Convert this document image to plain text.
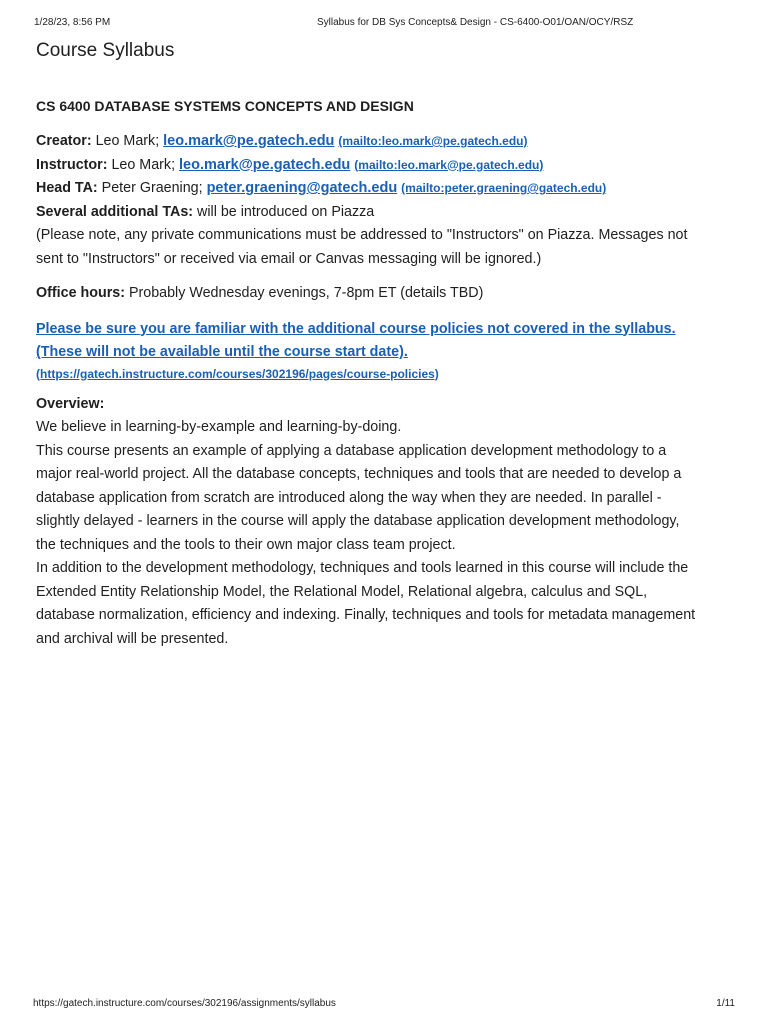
1/28/23, 8:56 PM	Syllabus for DB Sys Concepts& Design - CS-6400-O01/OAN/OCY/RSZ
Course Syllabus
CS 6400 DATABASE SYSTEMS CONCEPTS AND DESIGN
Creator: Leo Mark; leo.mark@pe.gatech.edu (mailto:leo.mark@pe.gatech.edu)
Instructor: Leo Mark; leo.mark@pe.gatech.edu (mailto:leo.mark@pe.gatech.edu)
Head TA: Peter Graening; peter.graening@gatech.edu (mailto:peter.graening@gatech.edu)
Several additional TAs: will be introduced on Piazza
(Please note, any private communications must be addressed to "Instructors" on Piazza. Messages not
sent to "Instructors" or received via email or Canvas messaging will be ignored.)
Office hours: Probably Wednesday evenings, 7-8pm ET (details TBD)
Please be sure you are familiar with the additional course policies not covered in the syllabus.
(These will not be available until the course start date).
(https://gatech.instructure.com/courses/302196/pages/course-policies)
Overview:
We believe in learning-by-example and learning-by-doing.
This course presents an example of applying a database application development methodology to a
major real-world project. All the database concepts, techniques and tools that are needed to develop a
database application from scratch are introduced along the way when they are needed. In parallel -
slightly delayed - learners in the course will apply the database application development methodology,
the techniques and the tools to their own major class team project.
In addition to the development methodology, techniques and tools learned in this course will include the
Extended Entity Relationship Model, the Relational Model, Relational algebra, calculus and SQL,
database normalization, efficiency and indexing. Finally, techniques and tools for metadata management
and archival will be presented.
https://gatech.instructure.com/courses/302196/assignments/syllabus	1/11
